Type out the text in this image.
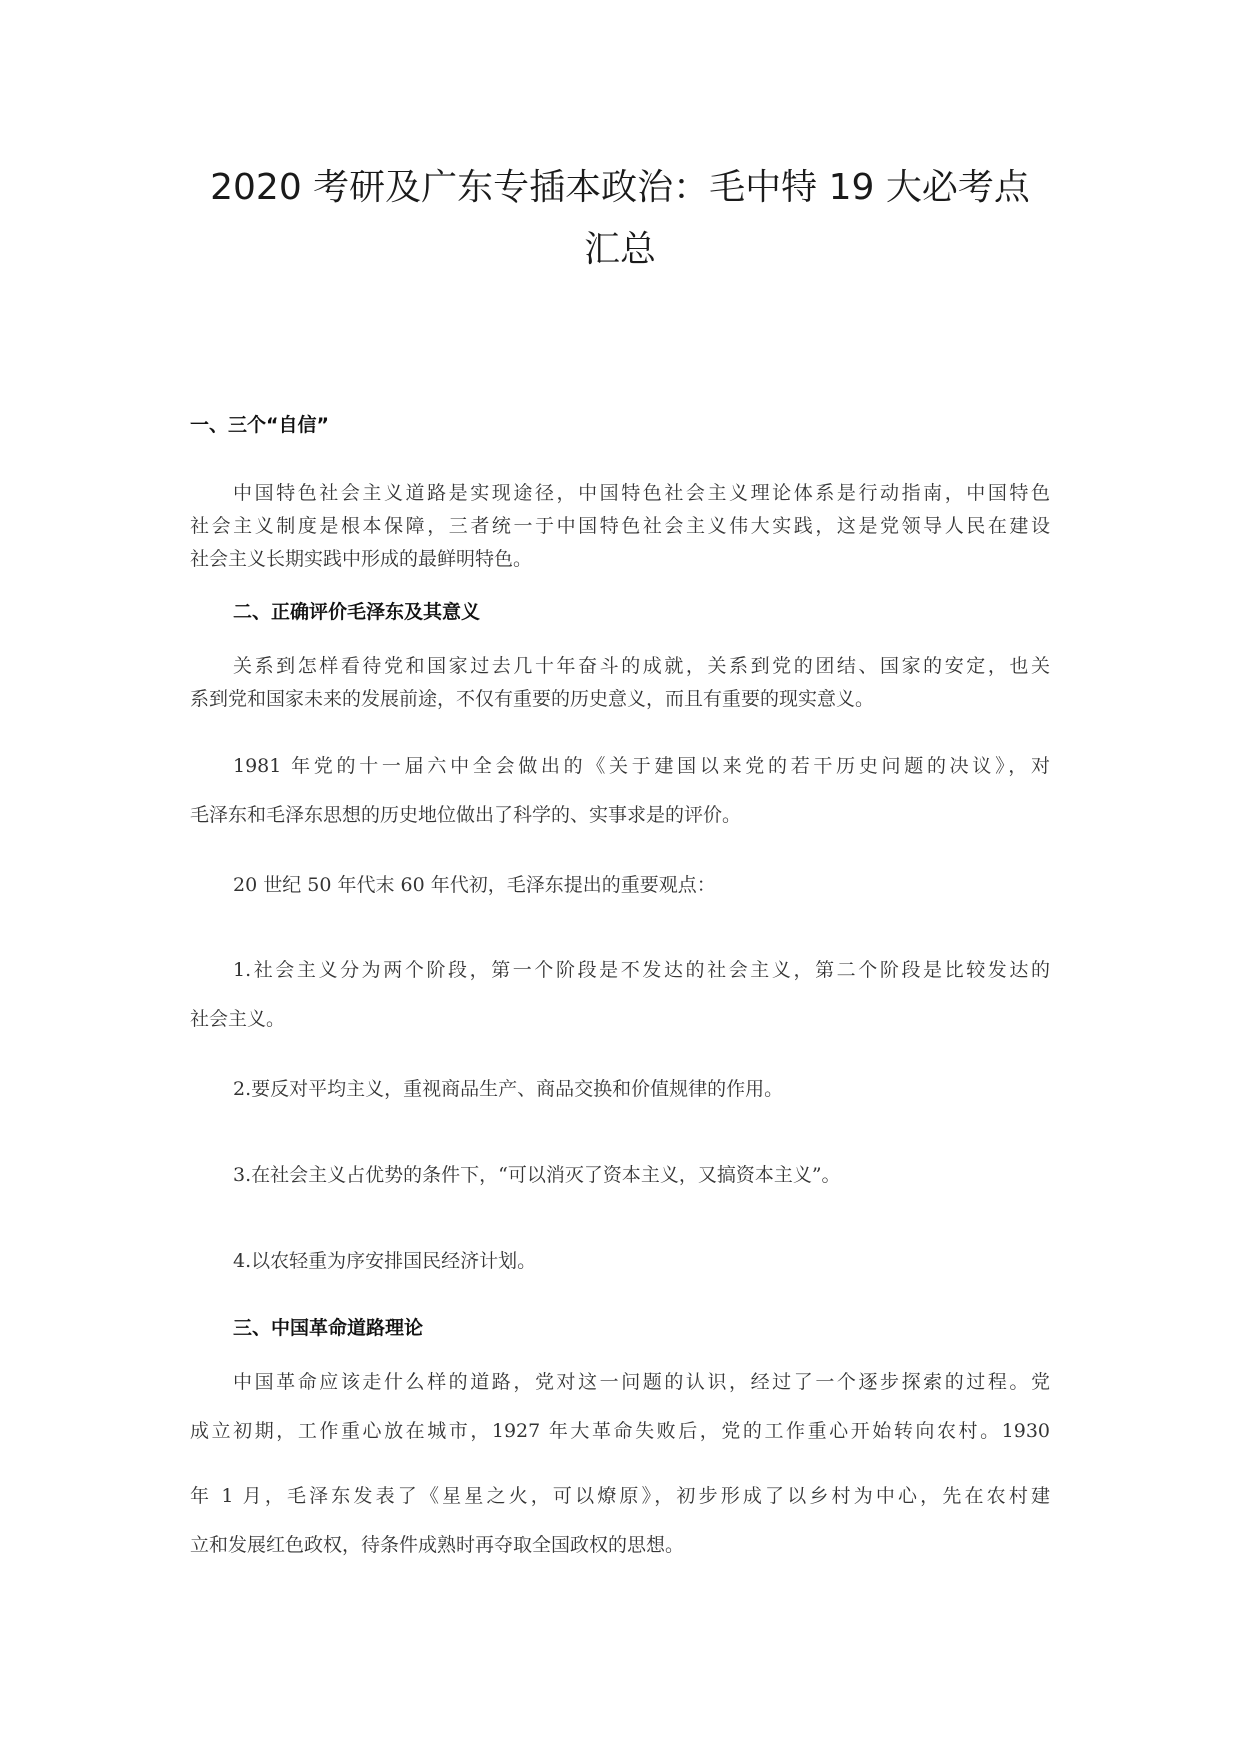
2020 考研及广东专插本政治：毛中特 19 大必考点
汇总
一、三个“自信”

中国特色社会主义道路是实现途径，中国特色社会主义理论体系是行动指南，中国特色

社会主义制度是根本保障，三者统一于中国特色社会主义伟大实践，这是党领导人民在建设

社会主义长期实践中形成的最鲜明特色。

二、正确评价毛泽东及其意义

关系到怎样看待党和国家过去几十年奋斗的成就，关系到党的团结、国家的安定，也关

系到党和国家未来的发展前途，不仅有重要的历史意义，而且有重要的现实意义。

1981 年党的十一届六中全会做出的《关于建国以来党的若干历史问题的决议》，对

毛泽东和毛泽东思想的历史地位做出了科学的、实事求是的评价。

20 世纪 50 年代末 60 年代初，毛泽东提出的重要观点：

1.社会主义分为两个阶段，第一个阶段是不发达的社会主义，第二个阶段是比较发达的

社会主义。

2.要反对平均主义，重视商品生产、商品交换和价值规律的作用。

3.在社会主义占优势的条件下，“可以消灭了资本主义，又搞资本主义”。

4.以农轻重为序安排国民经济计划。

三、中国革命道路理论

中国革命应该走什么样的道路，党对这一问题的认识，经过了一个逐步探索的过程。党

成立初期，工作重心放在城市，1927 年大革命失败后，党的工作重心开始转向农村。1930

年 1 月，毛泽东发表了《星星之火，可以燎原》，初步形成了以乡村为中心，先在农村建

立和发展红色政权，待条件成熟时再夺取全国政权的思想。
